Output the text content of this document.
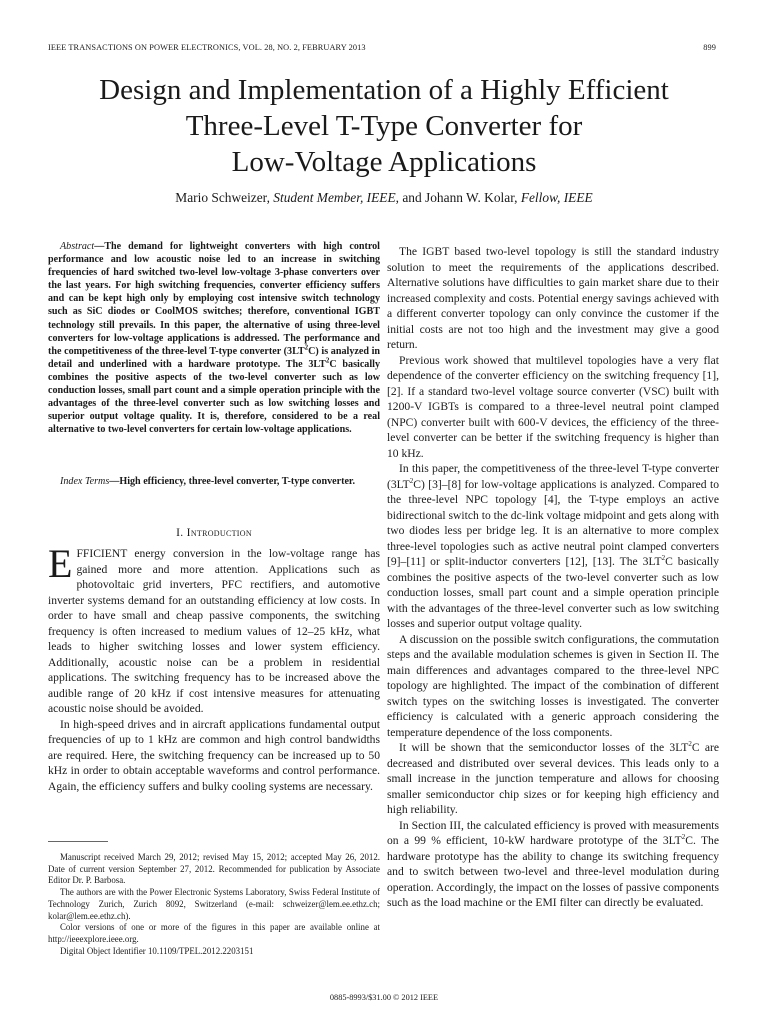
IEEE TRANSACTIONS ON POWER ELECTRONICS, VOL. 28, NO. 2, FEBRUARY 2013	899
Design and Implementation of a Highly Efficient
Three-Level T-Type Converter for
Low-Voltage Applications
Mario Schweizer, Student Member, IEEE, and Johann W. Kolar, Fellow, IEEE

Abstract—The demand for lightweight converters with high control performance and low acoustic noise led to an increase in switching frequencies of hard switched two-level low-voltage 3-phase converters over the last years. For high switching frequencies, converter efficiency suffers and can be kept high only by employing cost intensive switch technology such as SiC diodes or CoolMOS switches; therefore, conventional IGBT technology still prevails. In this paper, the alternative of using three-level converters for low-voltage applications is addressed. The performance and the competitiveness of the three-level T-type converter $(3LT^2C)$ is analyzed in detail and underlined with a hardware prototype. The $3LT^2C$ basically combines the positive aspects of the two-level converter such as low conduction losses, small part count and a simple operation principle with the advantages of the three-level converter such as low switching losses and superior output voltage quality. It is, therefore, considered to be a real alternative to two-level converters for certain low-voltage applications.

Index Terms—High efficiency, three-level converter, T-type converter.

I. Introduction

EFFICIENT energy conversion in the low-voltage range has gained more and more attention. Applications such as photovoltaic grid inverters, PFC rectifiers, and automotive inverter systems demand for an outstanding efficiency at low costs. In order to have small and cheap passive components, the switching frequency is often increased to medium values of 12–25 kHz, what leads to higher switching losses and lower system efficiency. Additionally, acoustic noise can be a problem in residential applications. The switching frequency has to be increased above the audible range of 20 kHz if cost intensive measures for attenuating acoustic noise should be avoided.

In high-speed drives and in aircraft applications fundamental output frequencies of up to 1 kHz are common and high control bandwidths are required. Here, the switching frequency can be increased up to 50 kHz in order to obtain acceptable waveforms and control performance. Again, the efficiency suffers and bulky cooling systems are necessary.

Manuscript received March 29, 2012; revised May 15, 2012; accepted May 26, 2012. Date of current version September 27, 2012. Recommended for publication by Associate Editor Dr. P. Barbosa.

The authors are with the Power Electronic Systems Laboratory, Swiss Federal Institute of Technology Zurich, Zurich 8092, Switzerland (e-mail: schweizer@lem.ee.ethz.ch; kolar@lem.ee.ethz.ch).

Color versions of one or more of the figures in this paper are available online at http://ieeexplore.ieee.org.

Digital Object Identifier 10.1109/TPEL.2012.2203151

The IGBT based two-level topology is still the standard industry solution to meet the requirements of the applications described. Alternative solutions have difficulties to gain market share due to their increased complexity and costs. Potential energy savings achieved with a different converter topology can only convince the customer if the initial costs are not too high and the investment may give a good return.

Previous work showed that multilevel topologies have a very flat dependence of the converter efficiency on the switching frequency [1], [2]. If a standard two-level voltage source converter (VSC) built with 1200-V IGBTs is compared to a three-level neutral point clamped (NPC) converter built with 600-V devices, the efficiency of the three-level converter can be better if the switching frequency is higher than 10 kHz.

In this paper, the competitiveness of the three-level T-type converter $(3LT^2C)$ [3]–[8] for low-voltage applications is analyzed. Compared to the three-level NPC topology [4], the T-type employs an active bidirectional switch to the dc-link voltage midpoint and gets along with two diodes less per bridge leg. It is an alternative to more complex three-level topologies such as active neutral point clamped converters [9]–[11] or split-inductor converters [12], [13]. The $3LT^2C$ basically combines the positive aspects of the two-level converter such as low conduction losses, small part count and a simple operation principle with the advantages of the three-level converter such as low switching losses and superior output voltage quality.

A discussion on the possible switch configurations, the commutation steps and the available modulation schemes is given in Section II. The main differences and advantages compared to the three-level NPC topology are highlighted. The impact of the combination of different switch types on the switching losses is investigated. The converter efficiency is calculated with a generic approach considering the temperature dependence of the loss components.

It will be shown that the semiconductor losses of the $3LT^2C$ are decreased and distributed over several devices. This leads only to a small increase in the junction temperature and allows for choosing smaller semiconductor chip sizes or for keeping high efficiency and high reliability.

In Section III, the calculated efficiency is proved with measurements on a 99 % efficient, 10-kW hardware prototype of the $3LT^2C$. The hardware prototype has the ability to change its switching frequency and to switch between two-level and three-level modulation during operation. Accordingly, the impact on the losses of passive components such as the load machine or the EMI filter can directly be evaluated.

0885-8993/$31.00 © 2012 IEEE
